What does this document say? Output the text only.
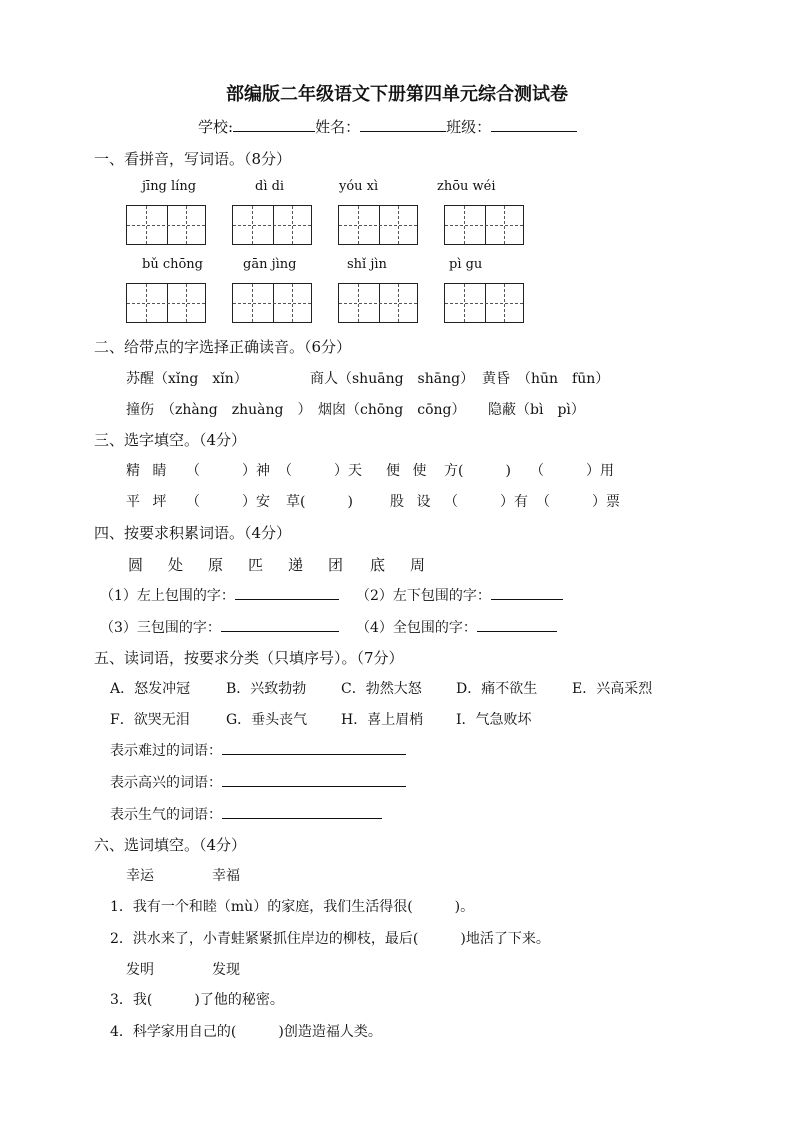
部编版二年级语文下册第四单元综合测试卷
学校:	姓名：	班级：
一、看拼音，写词语。（8分）
jīng líng	dì di	yóu xì	zhōu wéi
bǔ chōng	gān jìng	shǐ jìn	pì gu
二、给带点的字选择正确读音。（6分）
苏醒（xǐng　xǐn）	商人（shuāng　shāng） 黄昏　（hūn　fūn）
撞伤　（zhàng　zhuàng　） 烟囱（chōng　cōng） 隐蔽（bì　pì）
三、选字填空。（4分）
精 睛 （　　　）神 （　　　）天 便 使 方(　　　) （　　　）用
平 坪 （　　　）安 草(　　　)	股 设 （　　　）有 （　　　）票
四、按要求积累词语。（4分）
圆 处 原 匹 递 团 底 周
（1）左上包围的字：	（2）左下包围的字：
（3）三包围的字：	（4）全包围的字：
五、读词语，按要求分类（只填序号）。（7分）
A．怒发冲冠	B．兴致勃勃 C．勃然大怒 D．痛不欲生 E．兴高采烈
F．欲哭无泪	G．垂头丧气 H．喜上眉梢 I．气急败坏
表示难过的词语：
表示高兴的词语：
表示生气的词语：
六、选词填空。（4分）
幸运	幸福
1．我有一个和睦（mù）的家庭，我们生活得很(　　　)。
2．洪水来了，小青蛙紧紧抓住岸边的柳枝，最后(　　　)地活了下来。
发明	发现
3．我(　　　)了他的秘密。
4．科学家用自己的(　　　)创造造福人类。
